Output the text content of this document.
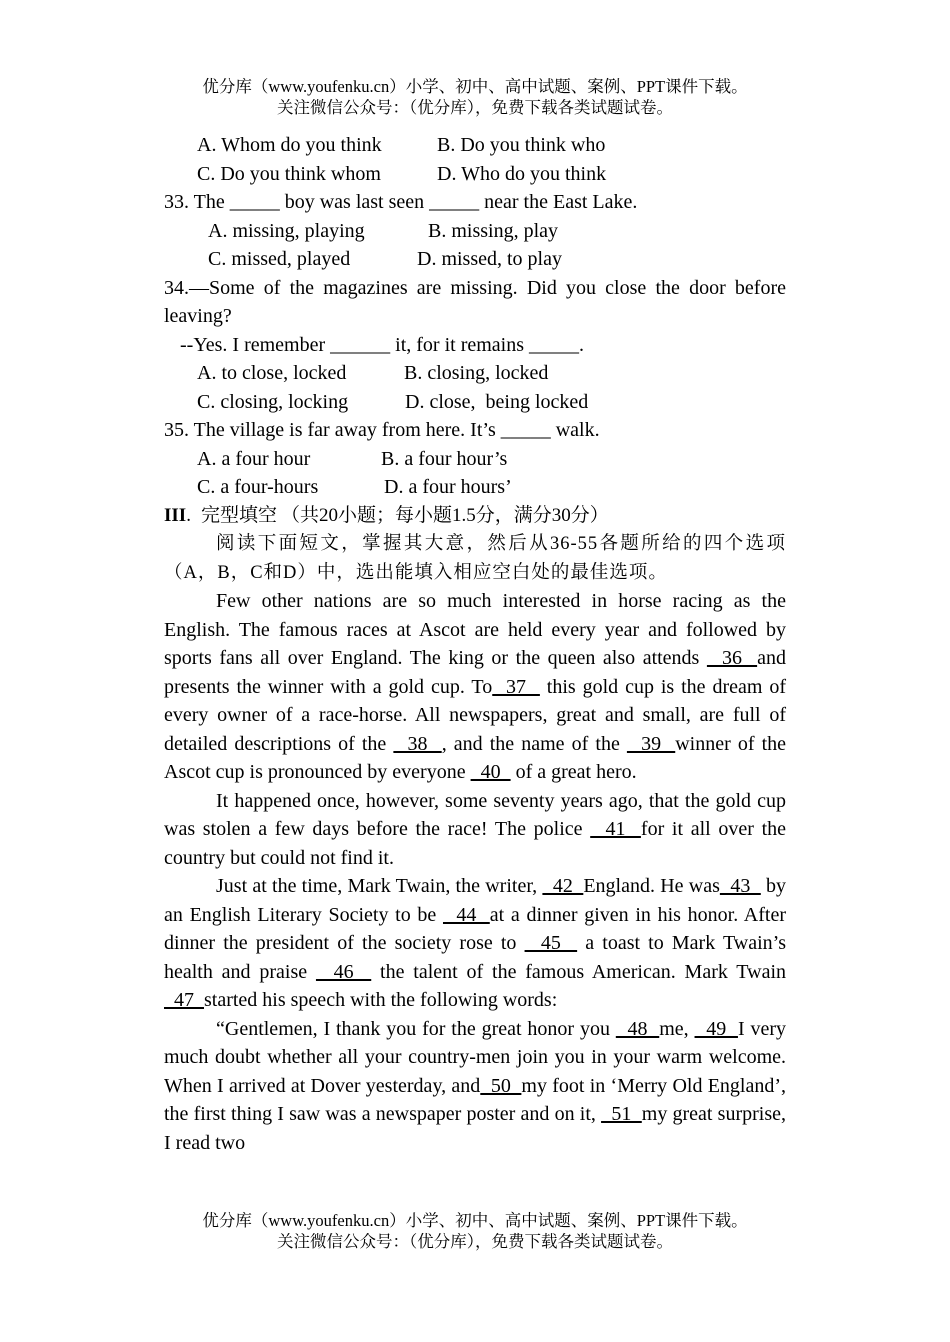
优分库（www.youfenku.cn）小学、初中、高中试题、案例、PPT课件下载。
关注微信公众号：（优分库），免费下载各类试题试卷。
A. Whom do you think	B. Do you think who
C. Do you think whom	D. Who do you think
33. The _____ boy was last seen _____ near the East Lake.
A. missing, playing	B. missing, play
C. missed, played	D. missed, to play
34.—Some of the magazines are missing. Did you close the door before leaving?
--Yes. I remember ______ it, for it remains _____.
A. to close, locked	B. closing, locked
C. closing, locking	D. close,  being locked
35. The village is far away from here. It’s _____ walk.
A. a four hour	B. a four hour’s
C. a four-hours	D. a four hours’
III. 完型填空 （共20小题；每小题1.5分，满分30分）
阅读下面短文，掌握其大意，然后从36-55各题所给的四个选项（A，B，C和D）中，选出能填入相应空白处的最佳选项。
Few other nations are so much interested in horse racing as the English. The famous races at Ascot are held every year and followed by sports fans all over England. The king or the queen also attends   36  and presents the winner with a gold cup. To  37   this gold cup is the dream of every owner of a race-horse. All newspapers, great and small, are full of detailed descriptions of the   38  , and the name of the   39  winner of the Ascot cup is pronounced by everyone   40   of a great hero.
It happened once, however, some seventy years ago, that the gold cup was stolen a few days before the race! The police   41  for it all over the country but could not find it.
Just at the time, Mark Twain, the writer,   42  England. He was  43   by an English Literary Society to be   44  at a dinner given in his honor. After dinner the president of the society rose to   45   a toast to Mark Twain’s health and praise   46   the talent of the famous American. Mark Twain  47  started his speech with the following words:
“Gentlemen, I thank you for the great honor you   48  me,   49  I very much doubt whether all your country-men join you in your warm welcome. When I arrived at Dover yesterday, and  50  my foot in ‘Merry Old England’, the first thing I saw was a newspaper poster and on it,   51  my great surprise, I read two
优分库（www.youfenku.cn）小学、初中、高中试题、案例、PPT课件下载。
关注微信公众号：（优分库），免费下载各类试题试卷。
